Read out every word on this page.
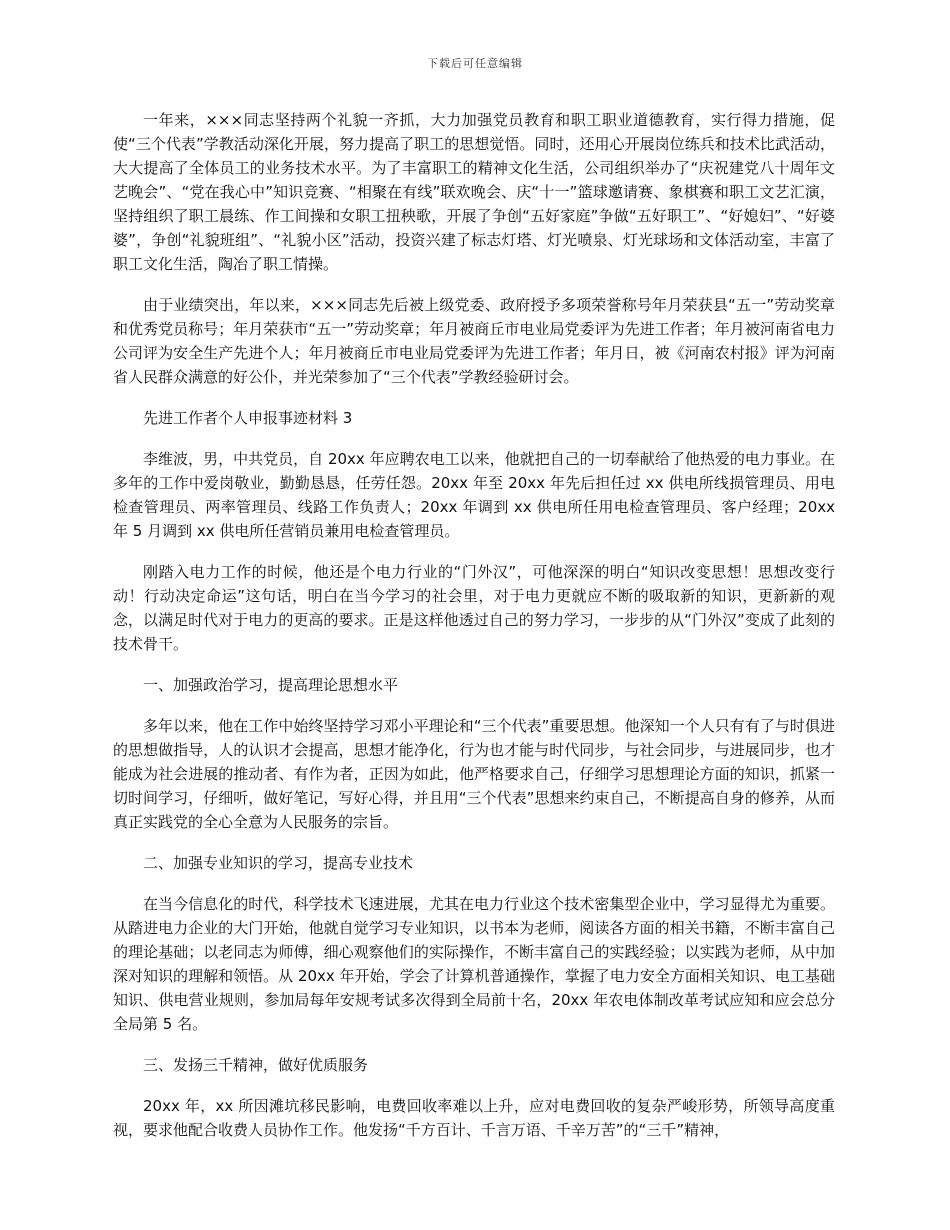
下载后可任意编辑

一年来，×××同志坚持两个礼貌一齐抓，大力加强党员教育和职工职业道德教育，实行得力措施，促使“三个代表”学教活动深化开展，努力提高了职工的思想觉悟。同时，还用心开展岗位练兵和技术比武活动，大大提高了全体员工的业务技术水平。为了丰富职工的精神文化生活，公司组织举办了“庆祝建党八十周年文艺晚会”、“党在我心中”知识竞赛、“相聚在有线”联欢晚会、庆“十一”篮球邀请赛、象棋赛和职工文艺汇演，坚持组织了职工晨练、作工间操和女职工扭秧歌，开展了争创“五好家庭”争做“五好职工”、“好媳妇”、“好婆婆”，争创“礼貌班组”、“礼貌小区”活动，投资兴建了标志灯塔、灯光喷泉、灯光球场和文体活动室，丰富了职工文化生活，陶冶了职工情操。

由于业绩突出，年以来，×××同志先后被上级党委、政府授予多项荣誉称号年月荣获县“五一”劳动奖章和优秀党员称号；年月荣获市“五一”劳动奖章；年月被商丘市电业局党委评为先进工作者；年月被河南省电力公司评为安全生产先进个人；年月被商丘市电业局党委评为先进工作者；年月日，被《河南农村报》评为河南省人民群众满意的好公仆，并光荣参加了“三个代表”学教经验研讨会。

先进工作者个人申报事迹材料 3

李维波，男，中共党员，自 20xx 年应聘农电工以来，他就把自己的一切奉献给了他热爱的电力事业。在多年的工作中爱岗敬业，勤勤恳恳，任劳任怨。20xx 年至 20xx 年先后担任过 xx 供电所线损管理员、用电检查管理员、两率管理员、线路工作负责人；20xx 年调到 xx 供电所任用电检查管理员、客户经理；20xx 年 5 月调到 xx 供电所任营销员兼用电检查管理员。

刚踏入电力工作的时候，他还是个电力行业的“门外汉”，可他深深的明白“知识改变思想！思想改变行动！行动决定命运”这句话，明白在当今学习的社会里，对于电力更就应不断的吸取新的知识，更新新的观念，以满足时代对于电力的更高的要求。正是这样他透过自己的努力学习，一步步的从“门外汉”变成了此刻的技术骨干。

一、加强政治学习，提高理论思想水平

多年以来，他在工作中始终坚持学习邓小平理论和“三个代表”重要思想。他深知一个人只有有了与时俱进的思想做指导，人的认识才会提高，思想才能净化，行为也才能与时代同步，与社会同步，与进展同步，也才能成为社会进展的推动者、有作为者，正因为如此，他严格要求自己，仔细学习思想理论方面的知识，抓紧一切时间学习，仔细听，做好笔记，写好心得，并且用“三个代表”思想来约束自己，不断提高自身的修养，从而真正实践党的全心全意为人民服务的宗旨。

二、加强专业知识的学习，提高专业技术

在当今信息化的时代，科学技术飞速进展，尤其在电力行业这个技术密集型企业中，学习显得尤为重要。从踏进电力企业的大门开始，他就自觉学习专业知识，以书本为老师，阅读各方面的相关书籍，不断丰富自己的理论基础；以老同志为师傅，细心观察他们的实际操作，不断丰富自己的实践经验；以实践为老师，从中加深对知识的理解和领悟。从 20xx 年开始，学会了计算机普通操作，掌握了电力安全方面相关知识、电工基础知识、供电营业规则，参加局每年安规考试多次得到全局前十名，20xx 年农电体制改革考试应知和应会总分全局第 5 名。

三、发扬三千精神，做好优质服务

20xx 年，xx 所因滩坑移民影响，电费回收率难以上升，应对电费回收的复杂严峻形势，所领导高度重视，要求他配合收费人员协作工作。他发扬“千方百计、千言万语、千辛万苦”的“三千”精神，
